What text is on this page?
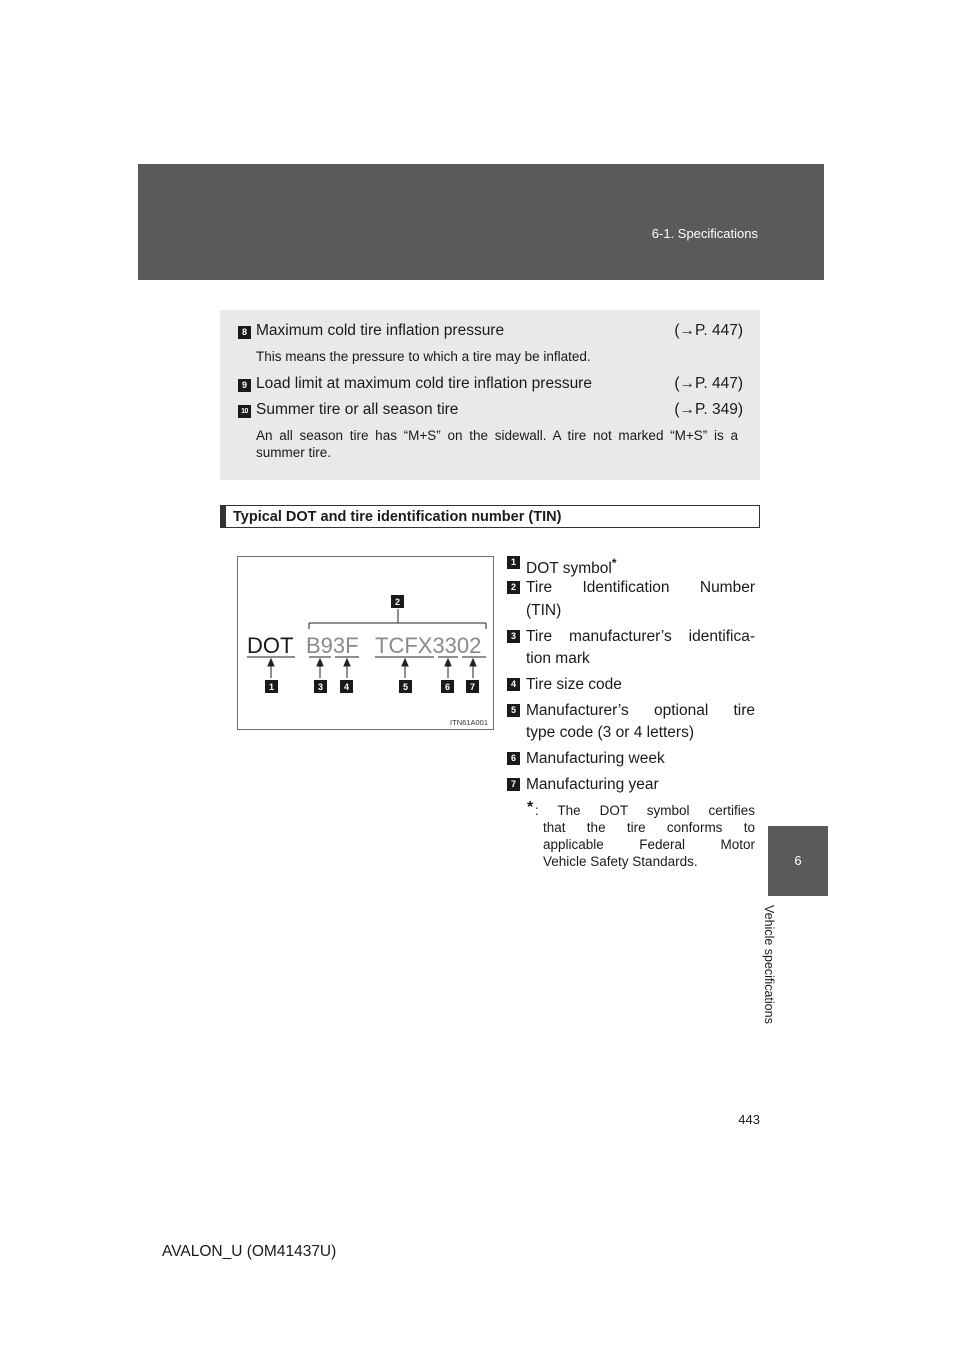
6-1. Specifications
6
Vehicle specifications
8 Maximum cold tire inflation pressure	(→P. 447)
This means the pressure to which a tire may be inflated.
9 Load limit at maximum cold tire inflation pressure	(→P. 447)
10 Summer tire or all season tire	(→P. 349)
An all season tire has “M+S” on the sidewall. A tire not marked “M+S” is a summer tire.
Typical DOT and tire identification number (TIN)
2
DOT B93F TCFX3302
1	3 4	5	6 7
ITN61A001
1 DOT symbol*
2 Tire Identification Number
(TIN)
3 Tire manufacturer’s identifica-
tion mark
4 Tire size code
5 Manufacturer’s optional tire
type code (3 or 4 letters)
6 Manufacturing week
7 Manufacturing year
* : The DOT symbol certifies
that the tire conforms to
applicable Federal Motor
Vehicle Safety Standards.
443
AVALON_U (OM41437U)
